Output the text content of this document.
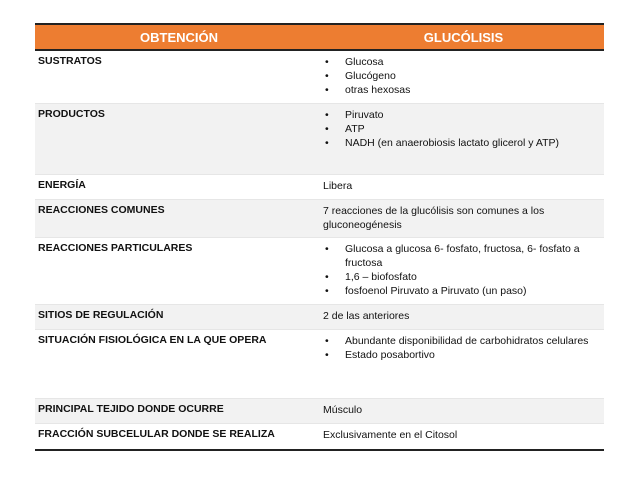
OBTENCIÓN	GLUCÓLISIS
SUSTRATOS	•	Glucosa
•	Glucógeno
•	otras hexosas
PRODUCTOS	•	Piruvato
•	ATP
•	NADH (en anaerobiosis lactato glicerol y ATP)
ENERGÍA	Libera
REACCIONES COMUNES	7 reacciones de la glucólisis son comunes a los gluconeogénesis
REACCIONES PARTICULARES	•	Glucosa a glucosa 6- fosfato, fructosa, 6- fosfato a fructosa
•	1,6 – biofosfato
•	fosfoenol Piruvato a Piruvato (un paso)
SITIOS DE REGULACIÓN	2 de las anteriores
SITUACIÓN FISIOLÓGICA EN LA QUE OPERA	•	Abundante disponibilidad de carbohidratos celulares
•	Estado posabortivo
PRINCIPAL TEJIDO DONDE OCURRE	Músculo
FRACCIÓN SUBCELULAR DONDE SE REALIZA	Exclusivamente en el Citosol
